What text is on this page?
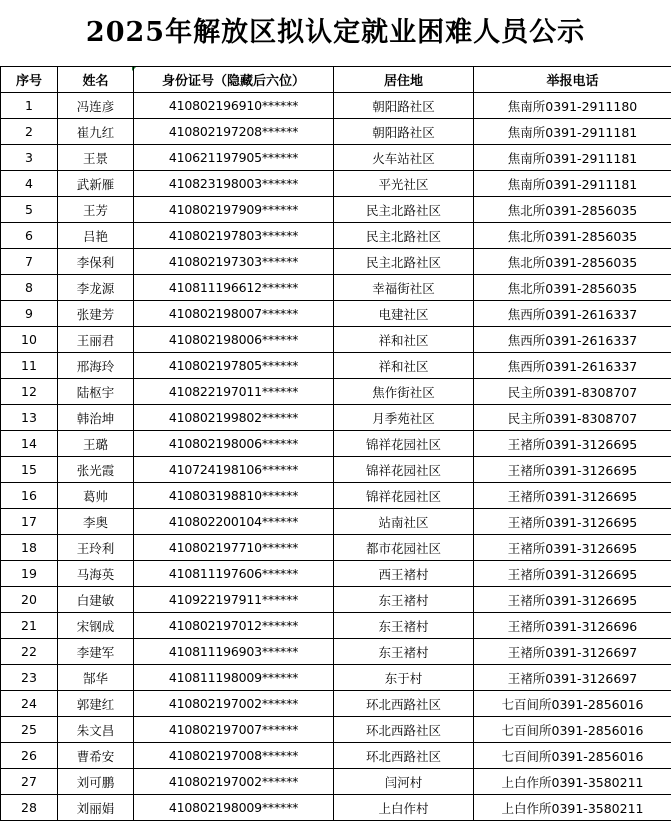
2025年解放区拟认定就业困难人员公示
序号	姓名	身份证号（隐藏后六位）	居住地	举报电话
1	冯连彦	410802196910******	朝阳路社区	焦南所0391-2911180
2	崔九红	410802197208******	朝阳路社区	焦南所0391-2911181
3	王景	410621197905******	火车站社区	焦南所0391-2911181
4	武新雁	410823198003******	平光社区	焦南所0391-2911181
5	王芳	410802197909******	民主北路社区	焦北所0391-2856035
6	吕艳	410802197803******	民主北路社区	焦北所0391-2856035
7	李保利	410802197303******	民主北路社区	焦北所0391-2856035
8	李龙源	410811196612******	幸福街社区	焦北所0391-2856035
9	张建芳	410802198007******	电建社区	焦西所0391-2616337
10	王丽君	410802198006******	祥和社区	焦西所0391-2616337
11	邢海玲	410802197805******	祥和社区	焦西所0391-2616337
12	陆枢宇	410822197011******	焦作街社区	民主所0391-8308707
13	韩治坤	410802199802******	月季苑社区	民主所0391-8308707
14	王璐	410802198006******	锦祥花园社区	王褚所0391-3126695
15	张光霞	410724198106******	锦祥花园社区	王褚所0391-3126695
16	葛帅	410803198810******	锦祥花园社区	王褚所0391-3126695
17	李奥	410802200104******	站南社区	王褚所0391-3126695
18	王玲利	410802197710******	都市花园社区	王褚所0391-3126695
19	马海英	410811197606******	西王褚村	王褚所0391-3126695
20	白建敏	410922197911******	东王褚村	王褚所0391-3126695
21	宋钢成	410802197012******	东王褚村	王褚所0391-3126696
22	李建军	410811196903******	东王褚村	王褚所0391-3126697
23	郜华	410811198009******	东于村	王褚所0391-3126697
24	郭建红	410802197002******	环北西路社区	七百间所0391-2856016
25	朱文昌	410802197007******	环北西路社区	七百间所0391-2856016
26	曹希安	410802197008******	环北西路社区	七百间所0391-2856016
27	刘可鹏	410802197002******	闫河村	上白作所0391-3580211
28	刘丽娟	410802198009******	上白作村	上白作所0391-3580211
